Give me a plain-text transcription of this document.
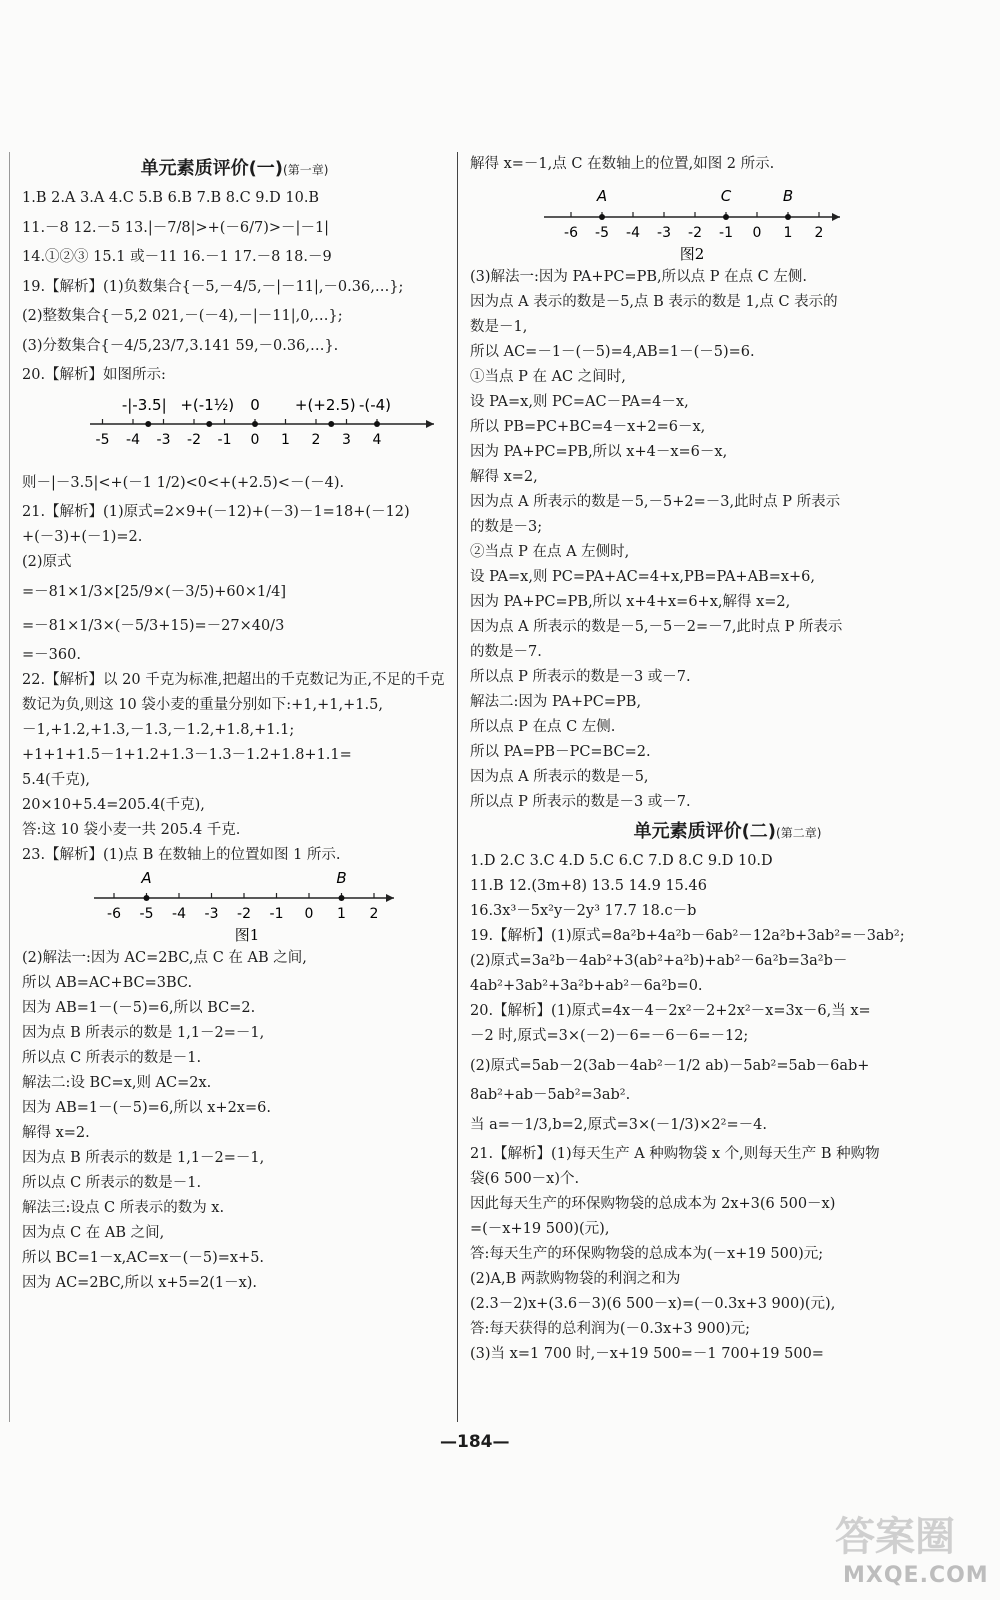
单元素质评价(一)(第一章)
1.B 2.A 3.A 4.C 5.B 6.B 7.B 8.C 9.D 10.B
11.－8 12.－5 13.|－7/8|>+(－6/7)>－|－1|
14.①②③ 15.1 或－11 16.－1 17.－8 18.－9
19.【解析】(1)负数集合{－5,－4/5,－|－11|,－0.36,…};
(2)整数集合{－5,2 021,－(－4),－|－11|,0,…};
(3)分数集合{－4/5,23/7,3.141 59,－0.36,…}.
20.【解析】如图所示:
-5 -4 -3 -2 -1 0 1 2 3 4
-|-3.5| +(-1½) 0 +(+2.5) -(-4)
则－|－3.5|<+(－1 1/2)<0<+(+2.5)<－(－4).
21.【解析】(1)原式=2×9+(－12)+(－3)－1=18+(－12)
+(－3)+(－1)=2.
(2)原式
=－81×1/3×[25/9×(－3/5)+60×1/4]
=－81×1/3×(－5/3+15)=－27×40/3
=－360.
22.【解析】以 20 千克为标准,把超出的千克数记为正,不足的千克
数记为负,则这 10 袋小麦的重量分别如下:+1,+1,+1.5,
－1,+1.2,+1.3,－1.3,－1.2,+1.8,+1.1;
+1+1+1.5－1+1.2+1.3－1.3－1.2+1.8+1.1=
5.4(千克),
20×10+5.4=205.4(千克),
答:这 10 袋小麦一共 205.4 千克.
23.【解析】(1)点 B 在数轴上的位置如图 1 所示.
-6 -5 -4 -3 -2 -1 0 1 2
A	B
图1
(2)解法一:因为 AC=2BC,点 C 在 AB 之间,
所以 AB=AC+BC=3BC.
因为 AB=1－(－5)=6,所以 BC=2.
因为点 B 所表示的数是 1,1－2=－1,
所以点 C 所表示的数是－1.
解法二:设 BC=x,则 AC=2x.
因为 AB=1－(－5)=6,所以 x+2x=6.
解得 x=2.
因为点 B 所表示的数是 1,1－2=－1,
所以点 C 所表示的数是－1.
解法三:设点 C 所表示的数为 x.
因为点 C 在 AB 之间,
所以 BC=1－x,AC=x－(－5)=x+5.
因为 AC=2BC,所以 x+5=2(1－x).
解得 x=－1,点 C 在数轴上的位置,如图 2 所示.
-6 -5 -4 -3 -2 -1 0 1 2
A	C	B
图2
(3)解法一:因为 PA+PC=PB,所以点 P 在点 C 左侧.
因为点 A 表示的数是－5,点 B 表示的数是 1,点 C 表示的
数是－1,
所以 AC=－1－(－5)=4,AB=1－(－5)=6.
①当点 P 在 AC 之间时,
设 PA=x,则 PC=AC－PA=4－x,
所以 PB=PC+BC=4－x+2=6－x,
因为 PA+PC=PB,所以 x+4－x=6－x,
解得 x=2,
因为点 A 所表示的数是－5,－5+2=－3,此时点 P 所表示
的数是－3;
②当点 P 在点 A 左侧时,
设 PA=x,则 PC=PA+AC=4+x,PB=PA+AB=x+6,
因为 PA+PC=PB,所以 x+4+x=6+x,解得 x=2,
因为点 A 所表示的数是－5,－5－2=－7,此时点 P 所表示
的数是－7.
所以点 P 所表示的数是－3 或－7.
解法二:因为 PA+PC=PB,
所以点 P 在点 C 左侧.
所以 PA=PB－PC=BC=2.
因为点 A 所表示的数是－5,
所以点 P 所表示的数是－3 或－7.
单元素质评价(二)(第二章)
1.D 2.C 3.C 4.D 5.C 6.C 7.D 8.C 9.D 10.D
11.B 12.(3m+8) 13.5 14.9 15.46
16.3x³－5x²y－2y³ 17.7 18.c－b
19.【解析】(1)原式=8a²b+4a²b－6ab²－12a²b+3ab²=－3ab²;
(2)原式=3a²b－4ab²+3(ab²+a²b)+ab²－6a²b=3a²b－
4ab²+3ab²+3a²b+ab²－6a²b=0.
20.【解析】(1)原式=4x－4－2x²－2+2x²－x=3x－6,当 x=
－2 时,原式=3×(－2)－6=－6－6=－12;
(2)原式=5ab－2(3ab－4ab²－1/2 ab)－5ab²=5ab－6ab+
8ab²+ab－5ab²=3ab².
当 a=－1/3,b=2,原式=3×(－1/3)×2²=－4.
21.【解析】(1)每天生产 A 种购物袋 x 个,则每天生产 B 种购物
袋(6 500－x)个.
因此每天生产的环保购物袋的总成本为 2x+3(6 500－x)
=(－x+19 500)(元),
答:每天生产的环保购物袋的总成本为(－x+19 500)元;
(2)A,B 两款购物袋的利润之和为
(2.3－2)x+(3.6－3)(6 500－x)=(－0.3x+3 900)(元),
答:每天获得的总利润为(－0.3x+3 900)元;
(3)当 x=1 700 时,－x+19 500=－1 700+19 500=
—184—
答案圈
MXQE.COM
